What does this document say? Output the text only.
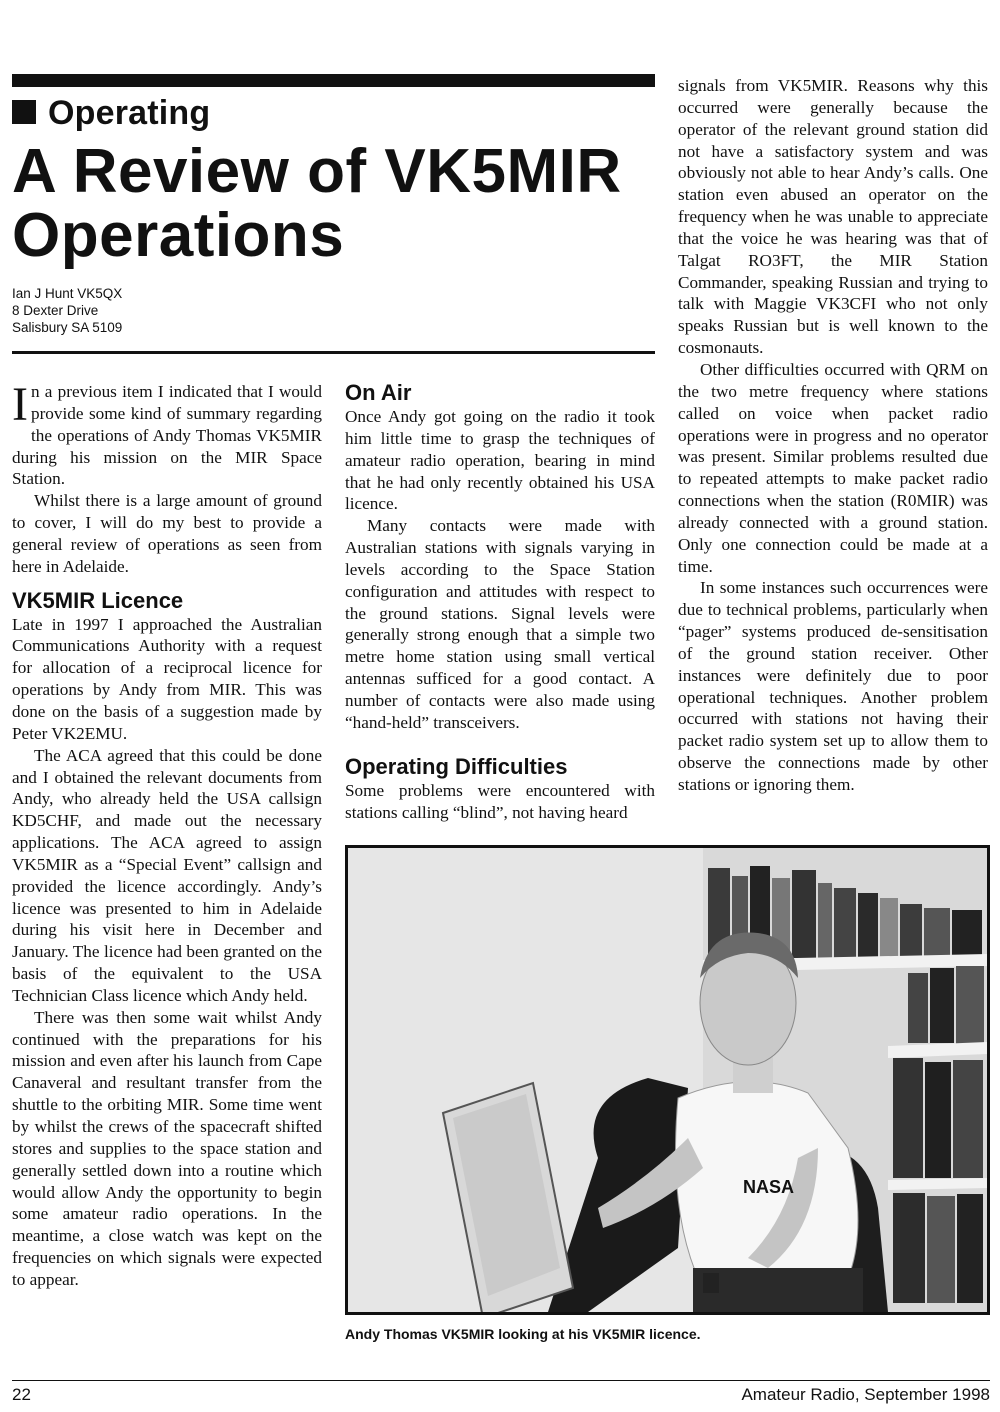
Operating
A Review of VK5MIR Operations
Ian J Hunt VK5QX
8 Dexter Drive
Salisbury SA 5109

In a previous item I indicated that I would provide some kind of summary regarding the operations of Andy Thomas VK5MIR during his mission on the MIR Space Station.

Whilst there is a large amount of ground to cover, I will do my best to provide a general review of operations as seen from here in Adelaide.

VK5MIR Licence

Late in 1997 I approached the Australian Communications Authority with a request for allocation of a reciprocal licence for operations by Andy from MIR. This was done on the basis of a suggestion made by Peter VK2EMU.

The ACA agreed that this could be done and I obtained the relevant documents from Andy, who already held the USA callsign KD5CHF, and made out the necessary applications. The ACA agreed to assign VK5MIR as a “Special Event” callsign and provided the licence accordingly. Andy’s licence was presented to him in Adelaide during his visit here in December and January. The licence had been granted on the basis of the equivalent to the USA Technician Class licence which Andy held.

There was then some wait whilst Andy continued with the preparations for his mission and even after his launch from Cape Canaveral and resultant transfer from the shuttle to the orbiting MIR. Some time went by whilst the crews of the spacecraft shifted stores and supplies to the space station and generally settled down into a routine which would allow Andy the opportunity to begin some amateur radio operations. In the meantime, a close watch was kept on the frequencies on which signals were expected to appear.

On Air

Once Andy got going on the radio it took him little time to grasp the techniques of amateur radio operation, bearing in mind that he had only recently obtained his USA licence.

Many contacts were made with Australian stations with signals varying in levels according to the Space Station configuration and attitudes with respect to the ground stations. Signal levels were generally strong enough that a simple two metre home station using small vertical antennas sufficed for a good contact. A number of contacts were also made using “hand-held” transceivers.

Operating Difficulties

Some problems were encountered with stations calling “blind”, not having heard

signals from VK5MIR. Reasons why this occurred were generally because the operator of the relevant ground station did not have a satisfactory system and was obviously not able to hear Andy’s calls. One station even abused an operator on the frequency when he was unable to appreciate that the voice he was hearing was that of Talgat RO3FT, the MIR Station Commander, speaking Russian and trying to talk with Maggie VK3CFI who not only speaks Russian but is well known to the cosmonauts.

Other difficulties occurred with QRM on the two metre frequency where stations called on voice when packet radio operations were in progress and no operator was present. Similar problems resulted due to repeated attempts to make packet radio connections when the station (R0MIR) was already connected with a ground station. Only one connection could be made at a time.

In some instances such occurrences were due to technical problems, particularly when “pager” systems produced de-sensitisation of the ground station receiver. Other instances were definitely due to poor operational techniques. Another problem occurred with stations not having their packet radio system set up to allow them to observe the connections made by other stations or ignoring them.

NASA
Andy Thomas VK5MIR looking at his VK5MIR licence.
22	Amateur Radio, September 1998
